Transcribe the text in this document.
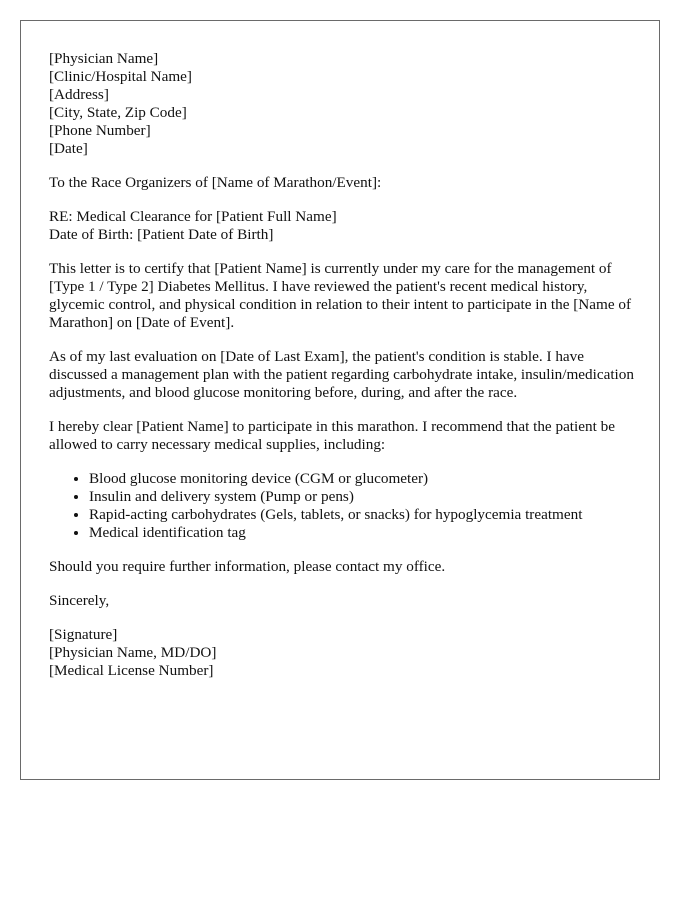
[Physician Name]
[Clinic/Hospital Name]
[Address]
[City, State, Zip Code]
[Phone Number]
[Date]
To the Race Organizers of [Name of Marathon/Event]:
RE: Medical Clearance for [Patient Full Name]
Date of Birth: [Patient Date of Birth]
This letter is to certify that [Patient Name] is currently under my care for the management of [Type 1 / Type 2] Diabetes Mellitus. I have reviewed the patient's recent medical history, glycemic control, and physical condition in relation to their intent to participate in the [Name of Marathon] on [Date of Event].
As of my last evaluation on [Date of Last Exam], the patient's condition is stable. I have discussed a management plan with the patient regarding carbohydrate intake, insulin/medication adjustments, and blood glucose monitoring before, during, and after the race.
I hereby clear [Patient Name] to participate in this marathon. I recommend that the patient be allowed to carry necessary medical supplies, including:
• Blood glucose monitoring device (CGM or glucometer)
• Insulin and delivery system (Pump or pens)
• Rapid-acting carbohydrates (Gels, tablets, or snacks) for hypoglycemia treatment
• Medical identification tag
Should you require further information, please contact my office.
Sincerely,
[Signature]
[Physician Name, MD/DO]
[Medical License Number]
